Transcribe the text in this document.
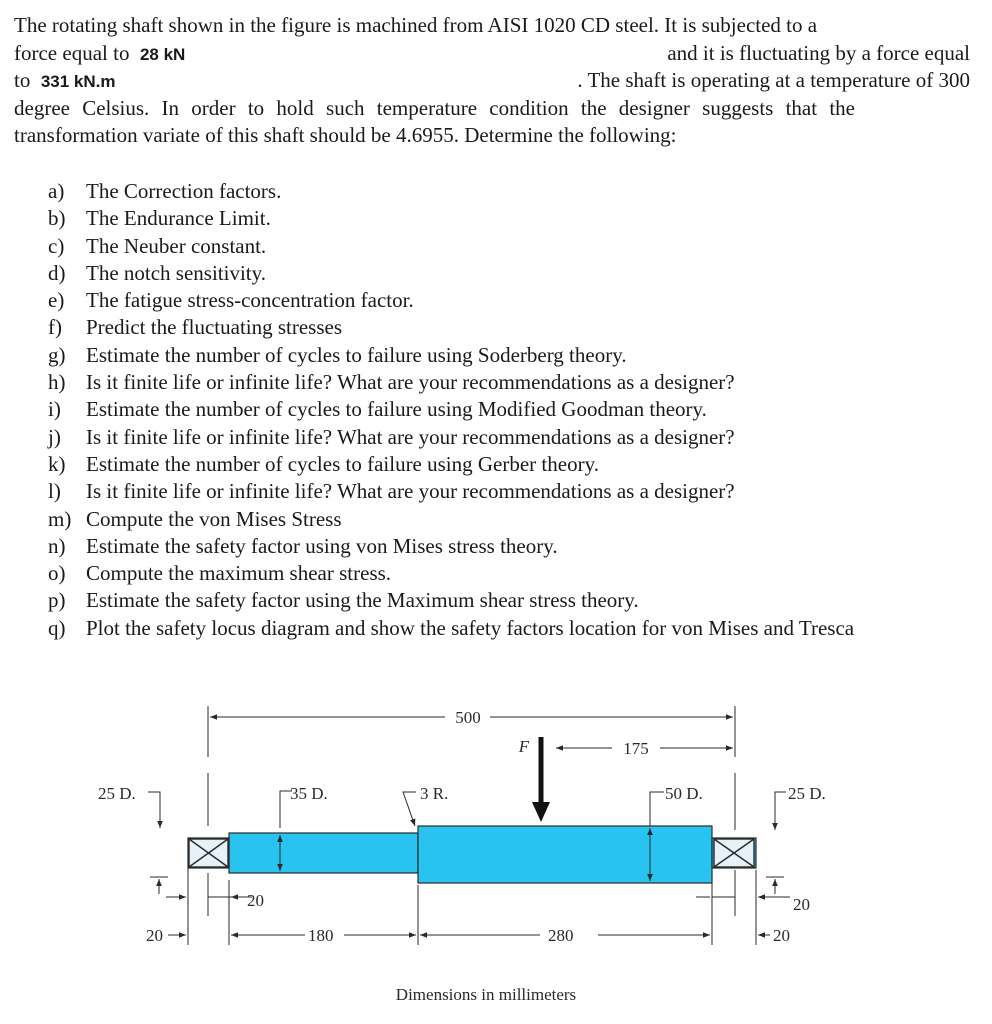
The rotating shaft shown in the figure is machined from AISI 1020 CD steel. It is subjected to a
force equal to 28 kN	and it is fluctuating by a force equal
to 331 kN.m	. The shaft is operating at a temperature of 300
degree Celsius. In order to hold such temperature condition the designer suggests that the
transformation variate of this shaft should be 4.6955. Determine the following:
a)	The Correction factors.
b) The Endurance Limit.
c)	The Neuber constant.
d) The notch sensitivity.
e)	The fatigue stress-concentration factor.
f)	Predict the fluctuating stresses
g) Estimate the number of cycles to failure using Soderberg theory.
h) Is it finite life or infinite life? What are your recommendations as a designer?
i)	Estimate the number of cycles to failure using Modified Goodman theory.
j)	Is it finite life or infinite life? What are your recommendations as a designer?
k) Estimate the number of cycles to failure using Gerber theory.
l)	Is it finite life or infinite life? What are your recommendations as a designer?
m) Compute the von Mises Stress
n) Estimate the safety factor using von Mises stress theory.
o) Compute the maximum shear stress.
p) Estimate the safety factor using the Maximum shear stress theory.
q) Plot the safety locus diagram and show the safety factors location for von Mises and Tresca
500
175
F
25 D.	35 D.	3 R.	50 D.	25 D.
20	20
20	180	280	20
Dimensions in millimeters
